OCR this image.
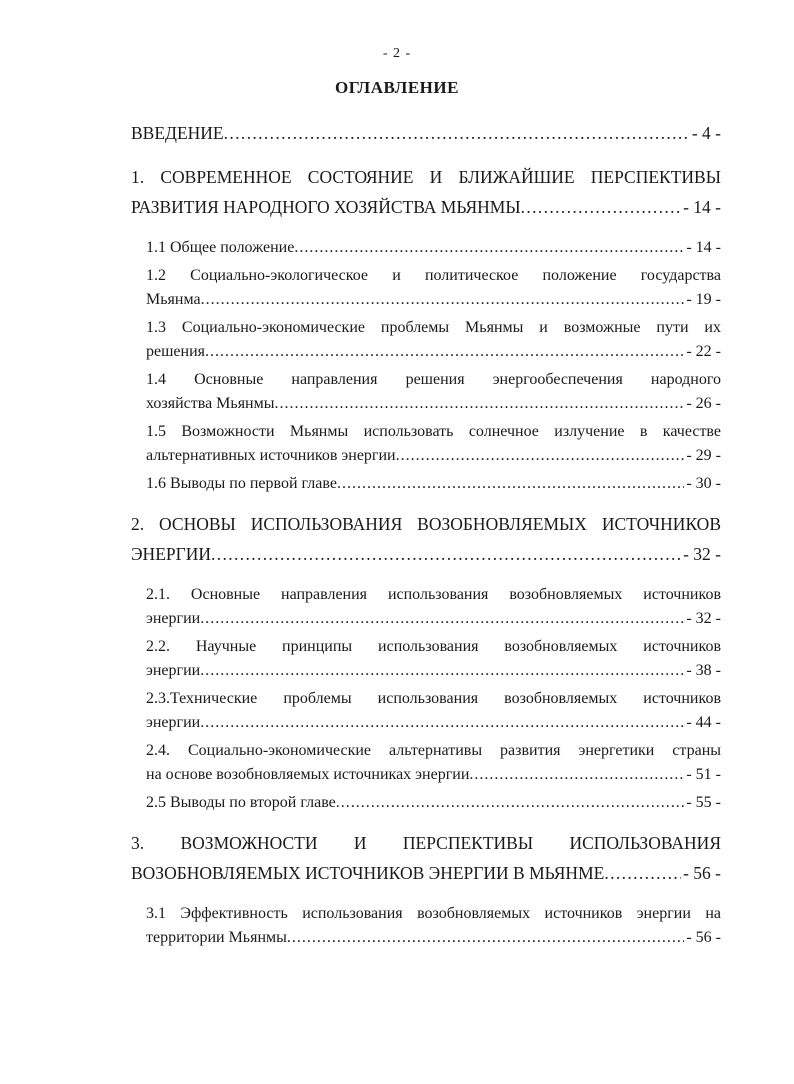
- 2 -
ОГЛАВЛЕНИЕ
ВВЕДЕНИЕ . . .	- 4 -
1. СОВРЕМЕННОЕ СОСТОЯНИЕ И БЛИЖАЙШИЕ ПЕРСПЕКТИВЫ
РАЗВИТИЯ НАРОДНОГО ХОЗЯЙСТВА МЬЯНМЫ . . .	- 14 -
1.1 Общее положение . . .	- 14 -
1.2 Социально-экологическое и политическое положение государства
Мьянма . . .	- 19 -
1.3 Социально-экономические проблемы Мьянмы и возможные пути их
решения . . .	- 22 -
1.4 Основные направления решения энергообеспечения народного
хозяйства Мьянмы . . .	- 26 -
1.5 Возможности Мьянмы использовать солнечное излучение в качестве
альтернативных источников энергии . . .	- 29 -
1.6 Выводы по первой главе . . .	- 30 -
2. ОСНОВЫ ИСПОЛЬЗОВАНИЯ ВОЗОБНОВЛЯЕМЫХ ИСТОЧНИКОВ
ЭНЕРГИИ . . .	- 32 -
2.1. Основные направления использования возобновляемых источников
энергии . . .	- 32 -
2.2. Научные принципы использования возобновляемых источников
энергии . . .	- 38 -
2.3.Технические проблемы использования возобновляемых источников
энергии . . .	- 44 -
2.4. Социально-экономические альтернативы развития энергетики страны
на основе возобновляемых источниках энергии . . .	- 51 -
2.5 Выводы по второй главе . . .	- 55 -
3. ВОЗМОЖНОСТИ И ПЕРСПЕКТИВЫ ИСПОЛЬЗОВАНИЯ
ВОЗОБНОВЛЯЕМЫХ ИСТОЧНИКОВ ЭНЕРГИИ В МЬЯНМЕ . . .	- 56 -
3.1 Эффективность использования возобновляемых источников энергии на
территории Мьянмы . . .	- 56 -
